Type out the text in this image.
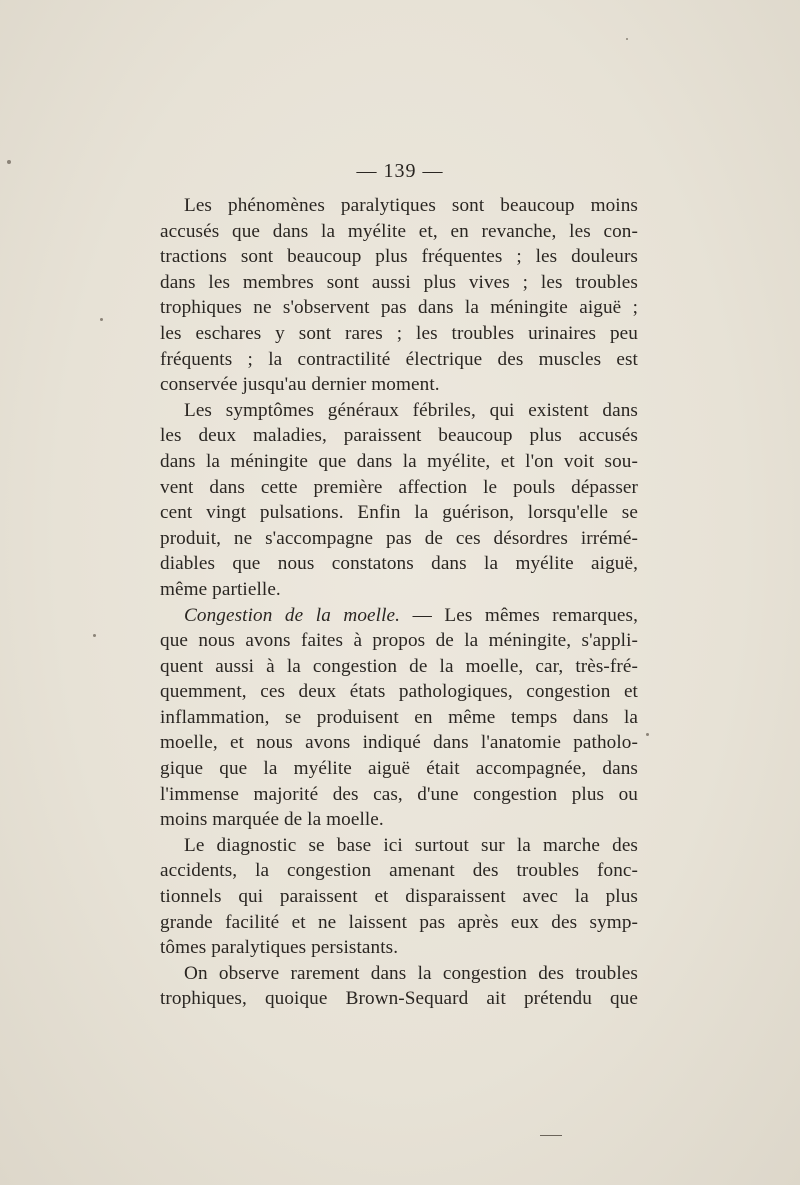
— 139 —
Les phénomènes paralytiques sont beaucoup moins
accusés que dans la myélite et, en revanche, les con-
tractions sont beaucoup plus fréquentes ; les douleurs
dans les membres sont aussi plus vives ; les troubles
trophiques ne s'observent pas dans la méningite aiguë ;
les eschares y sont rares ; les troubles urinaires peu
fréquents ; la contractilité électrique des muscles est
conservée jusqu'au dernier moment.
Les symptômes généraux fébriles, qui existent dans
les deux maladies, paraissent beaucoup plus accusés
dans la méningite que dans la myélite, et l'on voit sou-
vent dans cette première affection le pouls dépasser
cent vingt pulsations. Enfin la guérison, lorsqu'elle se
produit, ne s'accompagne pas de ces désordres irrémé-
diables que nous constatons dans la myélite aiguë,
même partielle.
Congestion de la moelle. — Les mêmes remarques,
que nous avons faites à propos de la méningite, s'appli-
quent aussi à la congestion de la moelle, car, très-fré-
quemment, ces deux états pathologiques, congestion et
inflammation, se produisent en même temps dans la
moelle, et nous avons indiqué dans l'anatomie patholo-
gique que la myélite aiguë était accompagnée, dans
l'immense majorité des cas, d'une congestion plus ou
moins marquée de la moelle.
Le diagnostic se base ici surtout sur la marche des
accidents, la congestion amenant des troubles fonc-
tionnels qui paraissent et disparaissent avec la plus
grande facilité et ne laissent pas après eux des symp-
tômes paralytiques persistants.
On observe rarement dans la congestion des troubles
trophiques, quoique Brown-Sequard ait prétendu que
